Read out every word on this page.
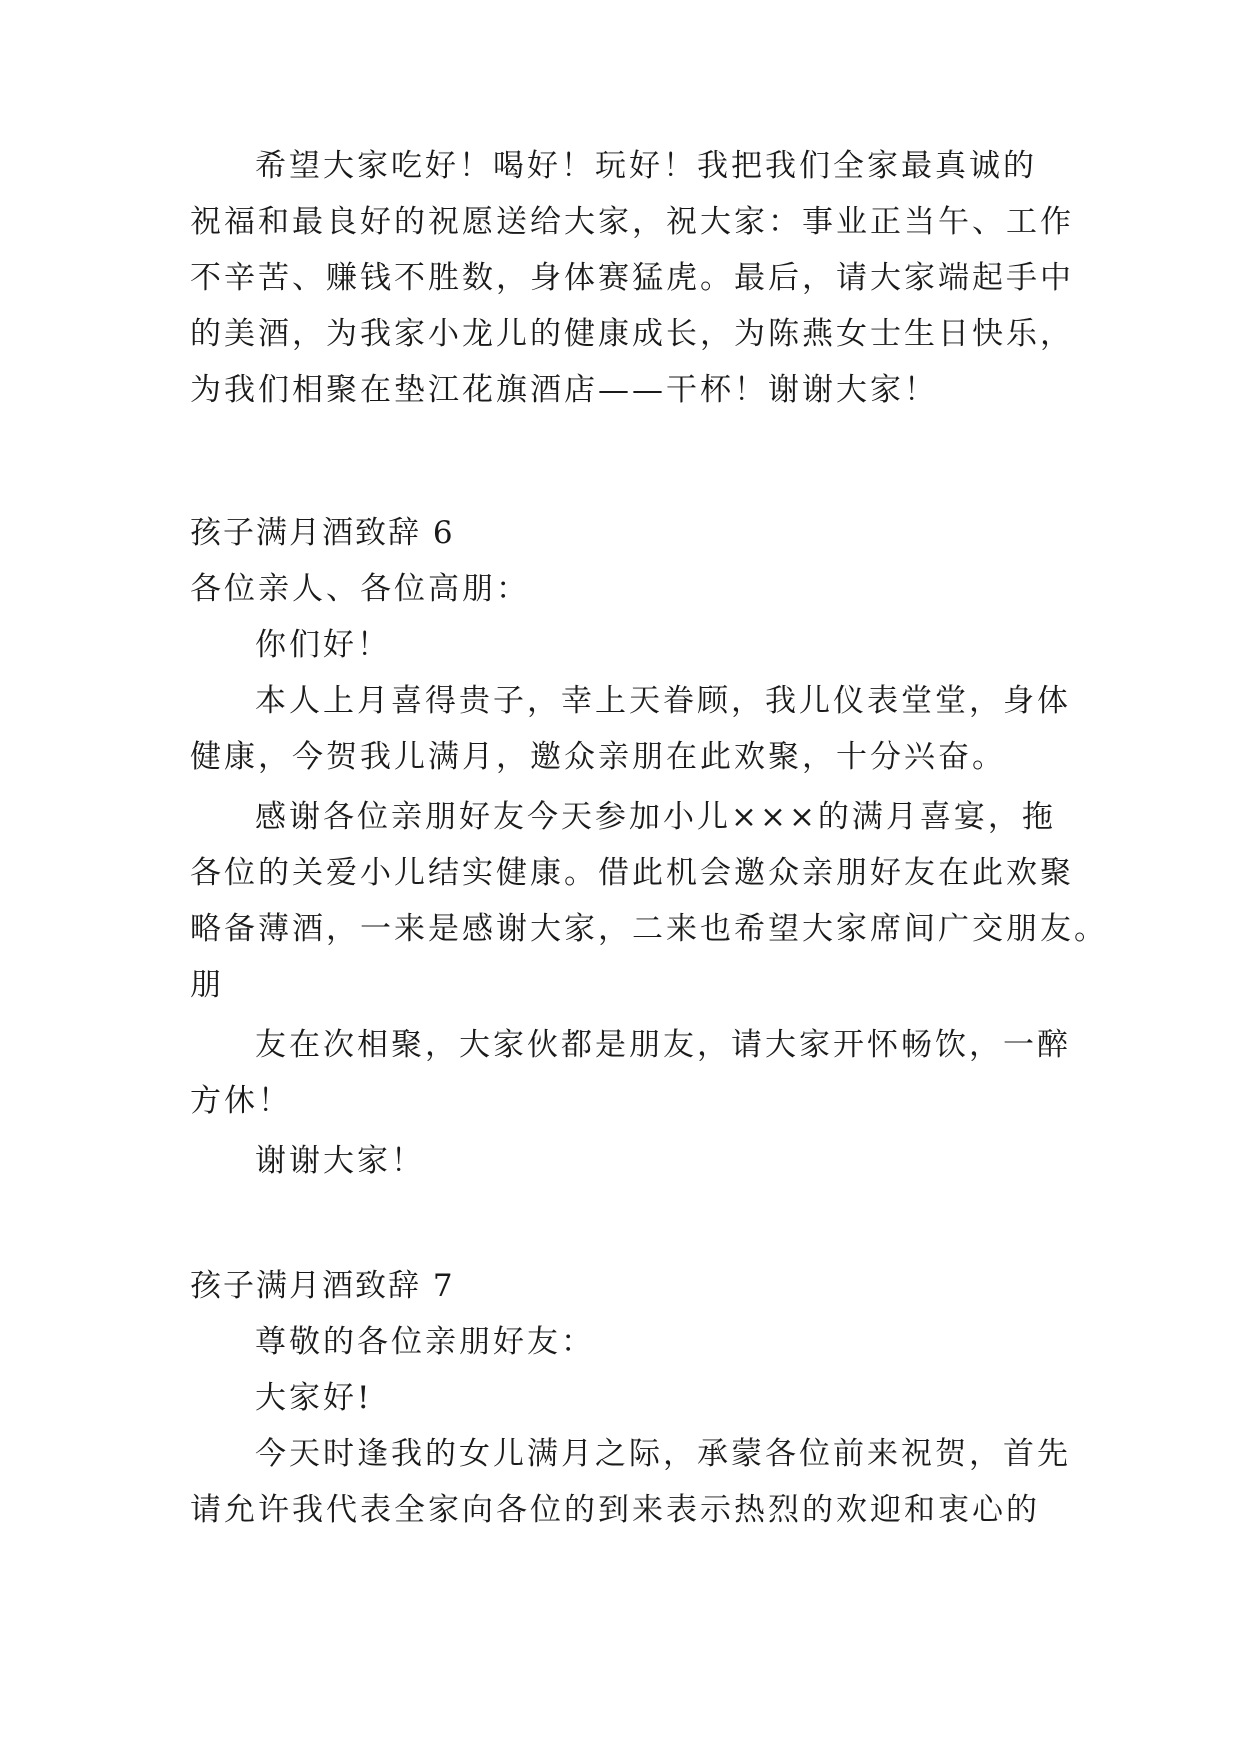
希望大家吃好！喝好！玩好！我把我们全家最真诚的
祝福和最良好的祝愿送给大家，祝大家：事业正当午、工作
不辛苦、赚钱不胜数，身体赛猛虎。最后，请大家端起手中
的美酒，为我家小龙儿的健康成长，为陈燕女士生日快乐，
为我们相聚在垫江花旗酒店——干杯！谢谢大家！
孩子满月酒致辞 6
各位亲人、各位高朋：
你们好！
本人上月喜得贵子，幸上天眷顾，我儿仪表堂堂，身体
健康，今贺我儿满月，邀众亲朋在此欢聚，十分兴奋。
感谢各位亲朋好友今天参加小儿×××的满月喜宴，拖
各位的关爱小儿结实健康。借此机会邀众亲朋好友在此欢聚
略备薄酒，一来是感谢大家，二来也希望大家席间广交朋友。
朋
友在次相聚，大家伙都是朋友，请大家开怀畅饮，一醉
方休！
谢谢大家！
孩子满月酒致辞 7
尊敬的各位亲朋好友：
大家好!
今天时逢我的女儿满月之际，承蒙各位前来祝贺，首先
请允许我代表全家向各位的到来表示热烈的欢迎和衷心的
